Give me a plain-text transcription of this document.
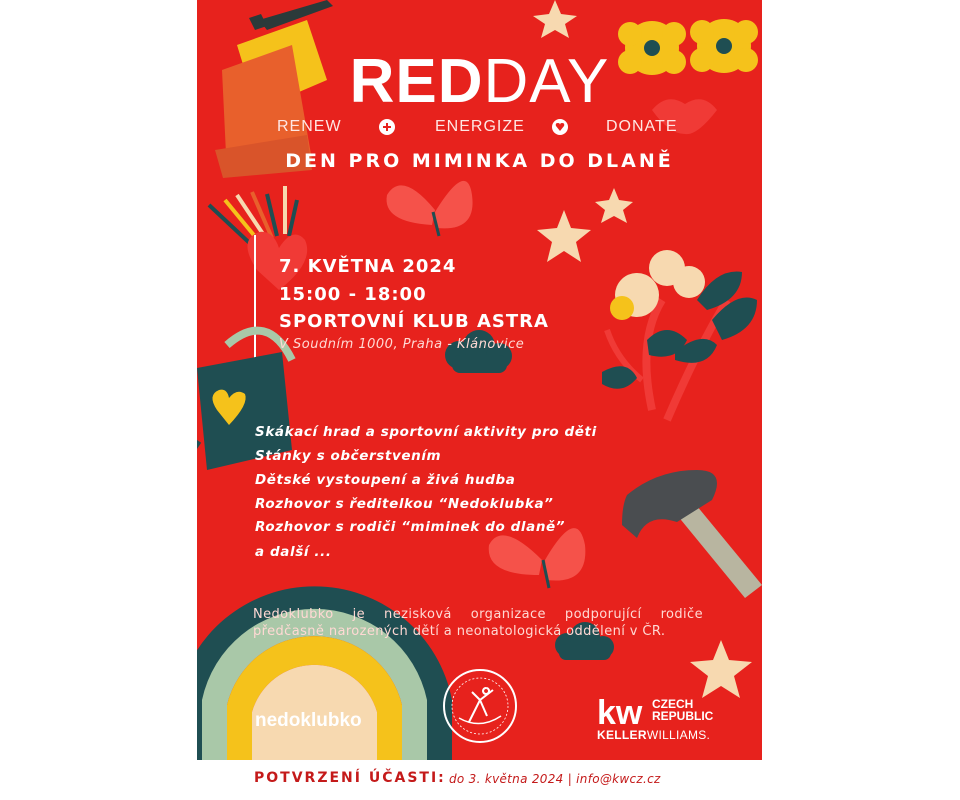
kw
REDDAY
RENEW	ENERGIZE	DONATE
DEN PRO MIMINKA DO DLANĚ
7. KVĚTNA 2024
15:00 - 18:00
SPORTOVNÍ KLUB ASTRA
V Soudním 1000, Praha - Klánovice
Skákací hrad a sportovní aktivity pro děti
Stánky s občerstvením
Dětské vystoupení a živá hudba
Rozhovor s ředitelkou “Nedoklubka”
Rozhovor s rodiči “miminek do dlaně”
a další ...
Nedoklubko je nezisková organizace podporující rodiče předčasně narozených dětí a neonatologická oddělení v ČR.
nedoklubko
CZECH REPUBLIC
KELLERWILLIAMS.
POTVRZENÍ ÚČASTI: do 3. května 2024 | info@kwcz.cz
